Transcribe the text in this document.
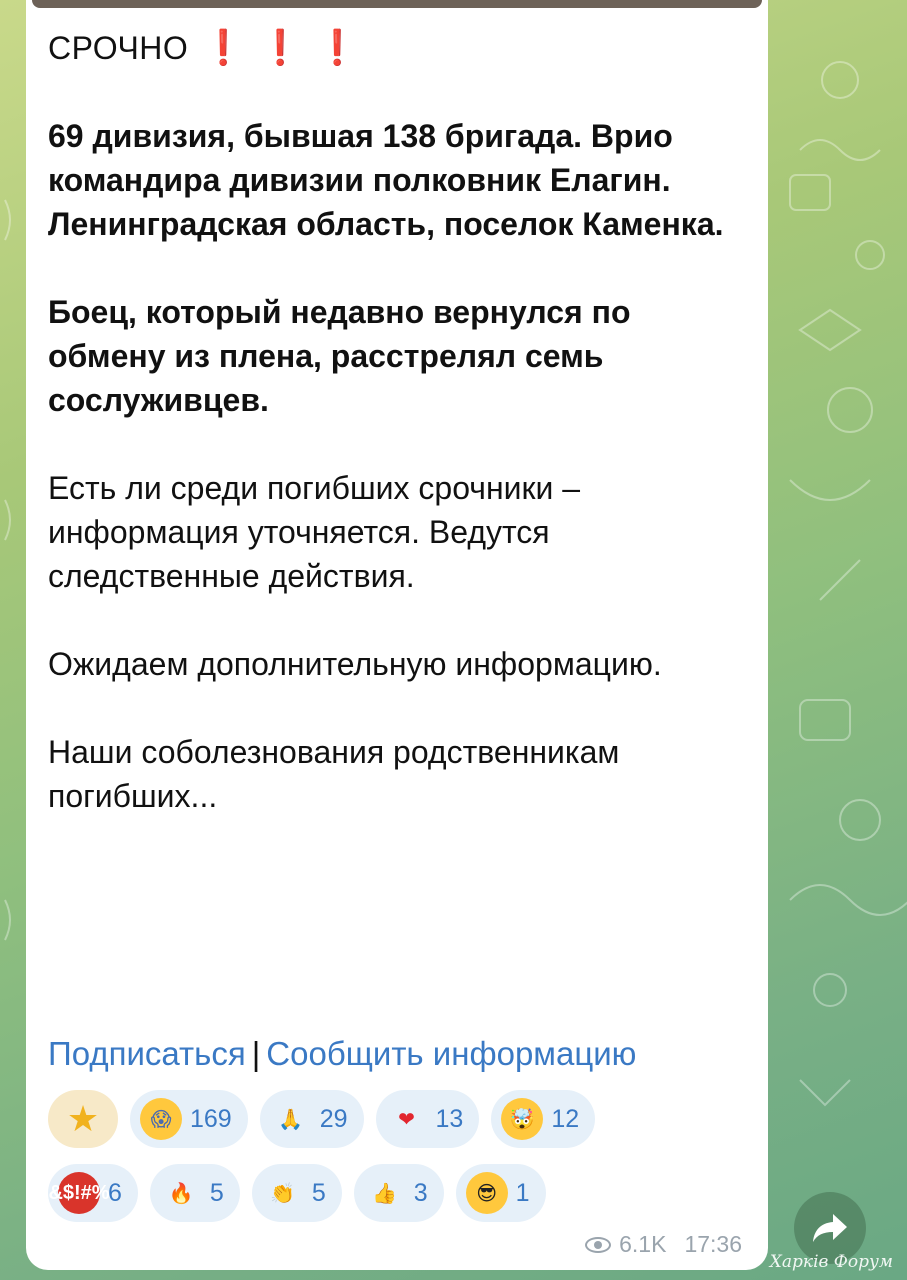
СРОЧНО ❗ ❗ ❗

69 дивизия, бывшая 138 бригада. Врио командира дивизии полковник Елагин. Ленинградская область, поселок Каменка.

Боец, который недавно вернулся по обмену из плена, расстрелял семь сослуживцев.

Есть ли среди погибших срочники – информация уточняется. Ведутся следственные действия.

Ожидаем дополнительную информацию.

Наши соболезнования родственникам погибших...

Подписаться | Сообщить информацию
★	😱 169	🙏 29	❤ 13	🤯 12
&$!#%
6	🔥 5	👏 5	👍 3	😎 1
6.1K 17:36
Харків Форум
